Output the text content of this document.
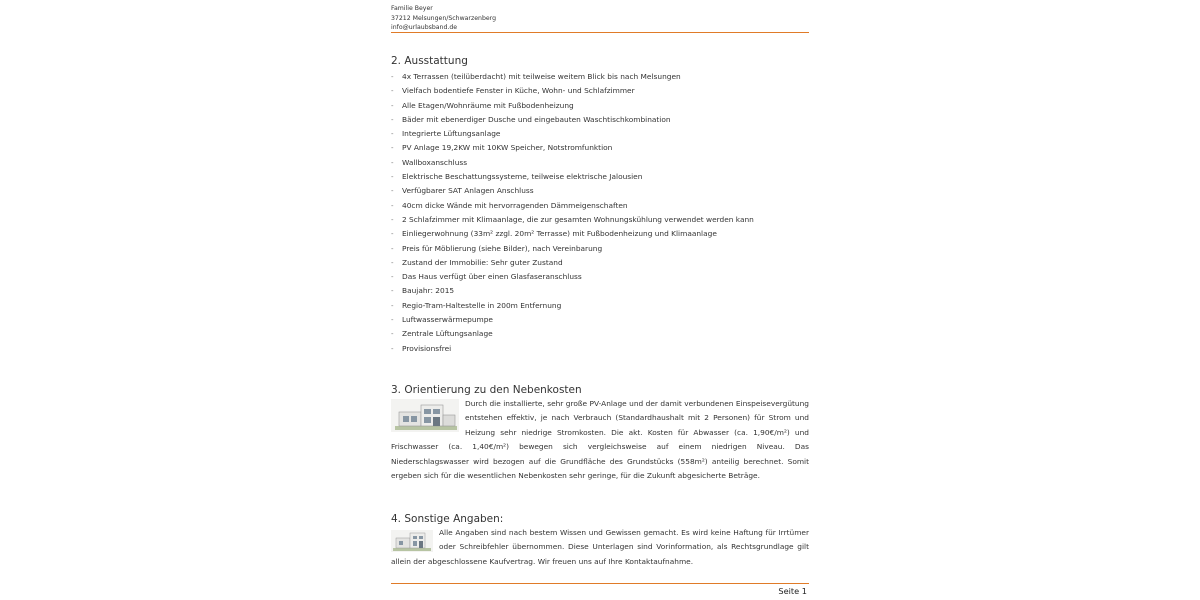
Familie Beyer
37212 Melsungen/Schwarzenberg
info@urlaubsband.de
2. Ausstattung
- 4x Terrassen (teilüberdacht) mit teilweise weitem Blick bis nach Melsungen
- Vielfach bodentiefe Fenster in Küche, Wohn- und Schlafzimmer
- Alle Etagen/Wohnräume mit Fußbodenheizung
- Bäder mit ebenerdiger Dusche und eingebauten Waschtischkombination
- Integrierte Lüftungsanlage
- PV Anlage 19,2KW mit 10KW Speicher, Notstromfunktion
- Wallboxanschluss
- Elektrische Beschattungssysteme, teilweise elektrische Jalousien
- Verfügbarer SAT Anlagen Anschluss
- 40cm dicke Wände mit hervorragenden Dämmeigenschaften
- 2 Schlafzimmer mit Klimaanlage, die zur gesamten Wohnungskühlung verwendet werden kann
- Einliegerwohnung (33m² zzgl. 20m² Terrasse) mit Fußbodenheizung und Klimaanlage
- Preis für Möblierung (siehe Bilder), nach Vereinbarung
- Zustand der Immobilie: Sehr guter Zustand
- Das Haus verfügt über einen Glasfaseranschluss
- Baujahr: 2015
- Regio-Tram-Haltestelle in 200m Entfernung
- Luftwasserwärmepumpe
- Zentrale Lüftungsanlage
- Provisionsfrei
3. Orientierung zu den Nebenkosten
Durch die installierte, sehr große PV-Anlage und der damit verbundenen Einspeisevergütung entstehen effektiv, je nach Verbrauch (Standardhaushalt mit 2 Personen) für Strom und Heizung sehr niedrige Stromkosten. Die akt. Kosten für Abwasser (ca. 1,90€/m²) und Frischwasser (ca. 1,40€/m²) bewegen sich vergleichsweise auf einem niedrigen Niveau. Das Niederschlagswasser wird bezogen auf die Grundfläche des Grundstücks (558m²) anteilig berechnet. Somit ergeben sich für die wesentlichen Nebenkosten sehr geringe, für die Zukunft abgesicherte Beträge.
4. Sonstige Angaben:
Alle Angaben sind nach bestem Wissen und Gewissen gemacht. Es wird keine Haftung für Irrtümer oder Schreibfehler übernommen. Diese Unterlagen sind Vorinformation, als Rechtsgrundlage gilt allein der abgeschlossene Kaufvertrag. Wir freuen uns auf Ihre Kontaktaufnahme.
Seite 1
